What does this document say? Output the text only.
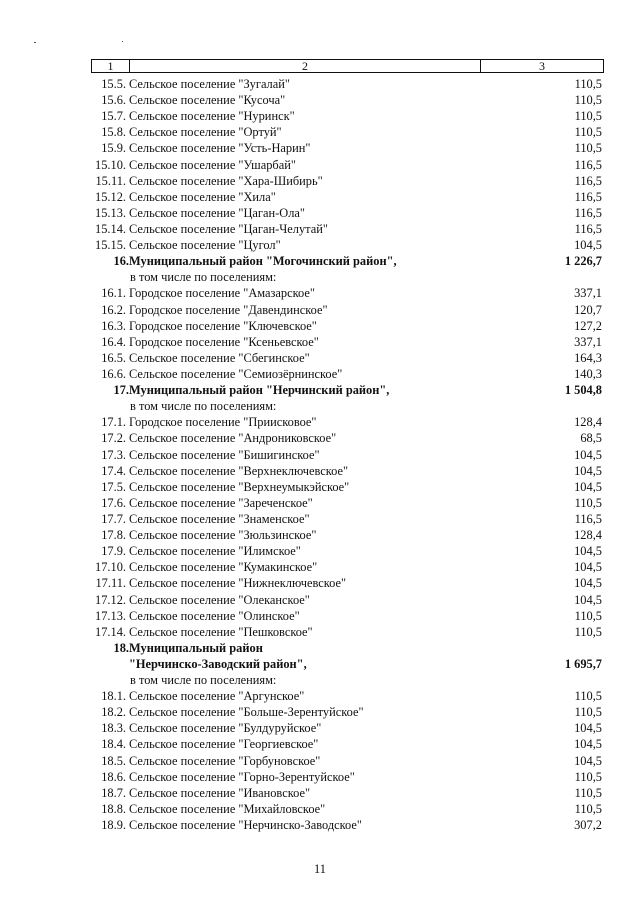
1	2	3
15.5. Сельское поселение "Зугалай"	110,5
15.6. Сельское поселение "Кусоча"	110,5
15.7. Сельское поселение "Нуринск"	110,5
15.8. Сельское поселение "Ортуй"	110,5
15.9. Сельское поселение "Усть-Нарин"	110,5
15.10. Сельское поселение "Ушарбай"	116,5
15.11. Сельское поселение "Хара-Шибирь"	116,5
15.12. Сельское поселение "Хила"	116,5
15.13. Сельское поселение "Цаган-Ола"	116,5
15.14. Сельское поселение "Цаган-Челутай"	116,5
15.15. Сельское поселение "Цугол"	104,5
16. Муниципальный район "Могочинский район",	1 226,7
в том числе по поселениям:
16.1. Городское поселение "Амазарское"	337,1
16.2. Городское поселение "Давендинское"	120,7
16.3. Городское поселение "Ключевское"	127,2
16.4. Городское поселение "Ксеньевское"	337,1
16.5. Сельское поселение "Сбегинское"	164,3
16.6. Сельское поселение "Семиозёрнинское"	140,3
17. Муниципальный район "Нерчинский район",	1 504,8
в том числе по поселениям:
17.1. Городское поселение "Приисковое"	128,4
17.2. Сельское поселение "Андрониковское"	68,5
17.3. Сельское поселение "Бишигинское"	104,5
17.4. Сельское поселение "Верхнеключевское"	104,5
17.5. Сельское поселение "Верхнеумыкэйское"	104,5
17.6. Сельское поселение "Зареченское"	110,5
17.7. Сельское поселение "Знаменское"	116,5
17.8. Сельское поселение "Зюльзинское"	128,4
17.9. Сельское поселение "Илимское"	104,5
17.10. Сельское поселение "Кумакинское"	104,5
17.11. Сельское поселение "Нижнеключевское"	104,5
17.12. Сельское поселение "Олеканское"	104,5
17.13. Сельское поселение "Олинское"	110,5
17.14. Сельское поселение "Пешковское"	110,5
18. Муниципальный район
"Нерчинско-Заводский район",	1 695,7
в том числе по поселениям:
18.1. Сельское поселение "Аргунское"	110,5
18.2. Сельское поселение "Больше-Зерентуйское"	110,5
18.3. Сельское поселение "Булдуруйское"	104,5
18.4. Сельское поселение "Георгиевское"	104,5
18.5. Сельское поселение "Горбуновское"	104,5
18.6. Сельское поселение "Горно-Зерентуйское"	110,5
18.7. Сельское поселение "Ивановское"	110,5
18.8. Сельское поселение "Михайловское"	110,5
18.9. Сельское поселение "Нерчинско-Заводское"	307,2
11
